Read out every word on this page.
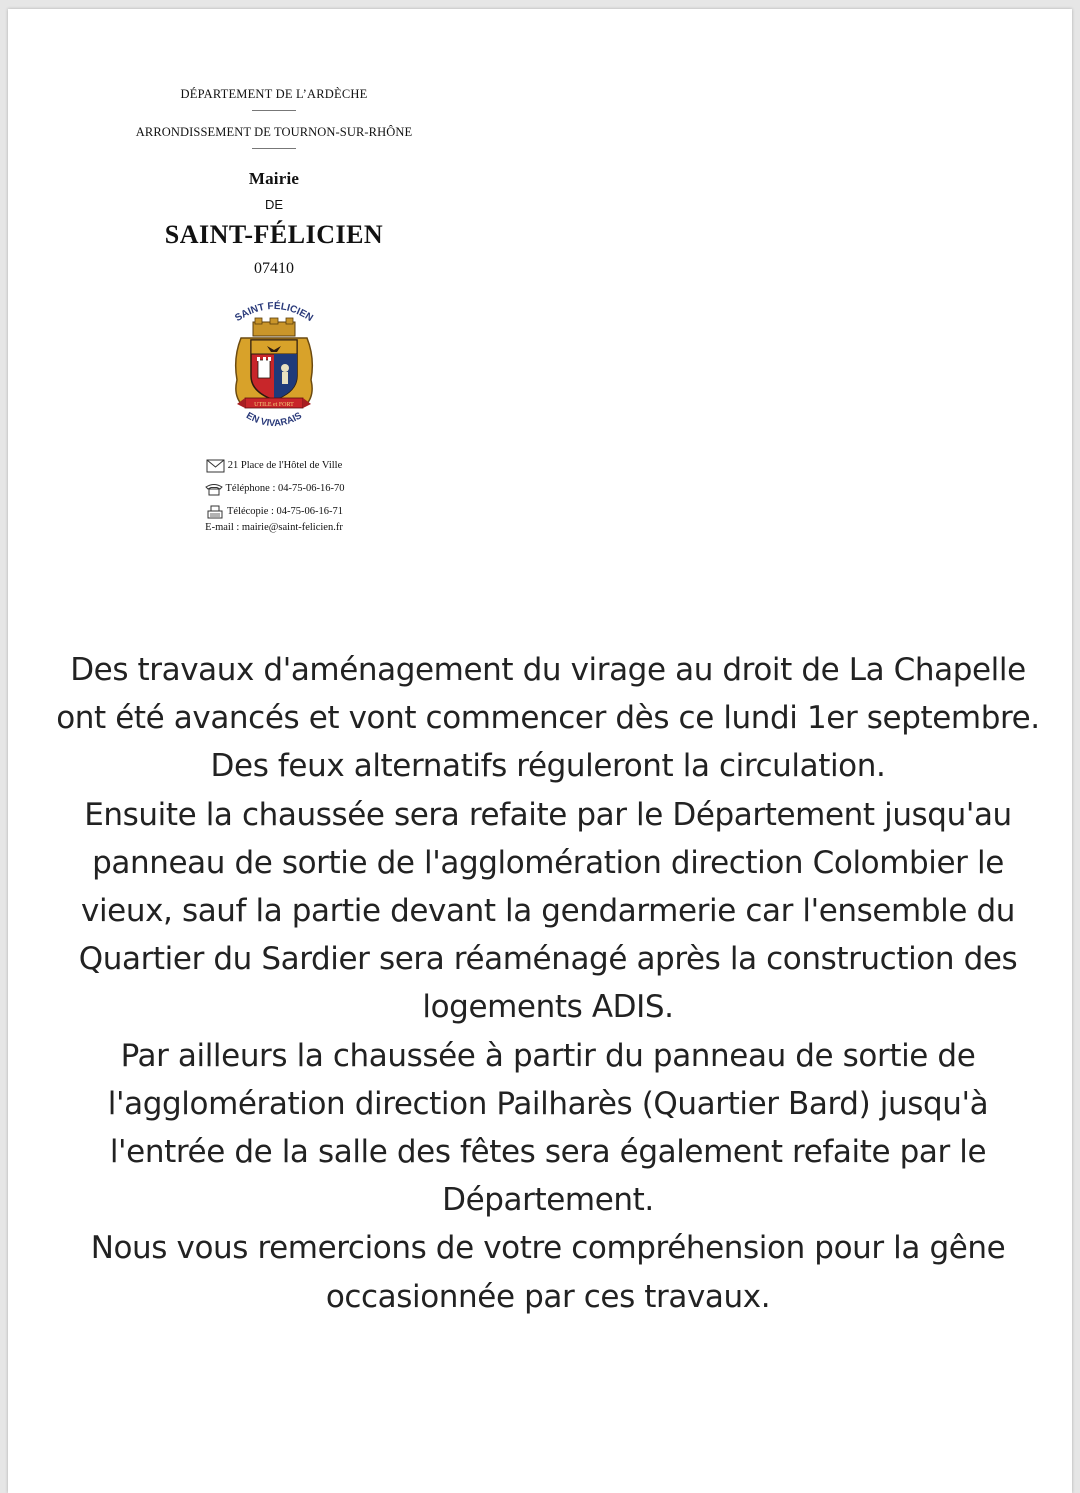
DÉPARTEMENT DE L’ARDÈCHE
ARRONDISSEMENT DE TOURNON-SUR-RHÔNE
Mairie
DE
SAINT-FÉLICIEN
07410
SAINT FÉLICIEN
UTILE et FORT
EN VIVARAIS
21 Place de l'Hôtel de Ville
Téléphone : 04-75-06-16-70
Télécopie : 04-75-06-16-71
E-mail : mairie@saint-felicien.fr

Des travaux d'aménagement du virage au droit de La Chapelle ont été avancés et vont commencer dès ce lundi 1er septembre. Des feux alternatifs réguleront la circulation.

Ensuite la chaussée sera refaite par le Département jusqu'au panneau de sortie de l'agglomération direction Colombier le vieux, sauf la partie devant la gendarmerie car l'ensemble du Quartier du Sardier sera réaménagé après la construction des logements ADIS.

Par ailleurs la chaussée à partir du panneau de sortie de l'agglomération direction Pailharès (Quartier Bard) jusqu'à l'entrée de la salle des fêtes sera également refaite par le Département.

Nous vous remercions de votre compréhension pour la gêne occasionnée par ces travaux.
